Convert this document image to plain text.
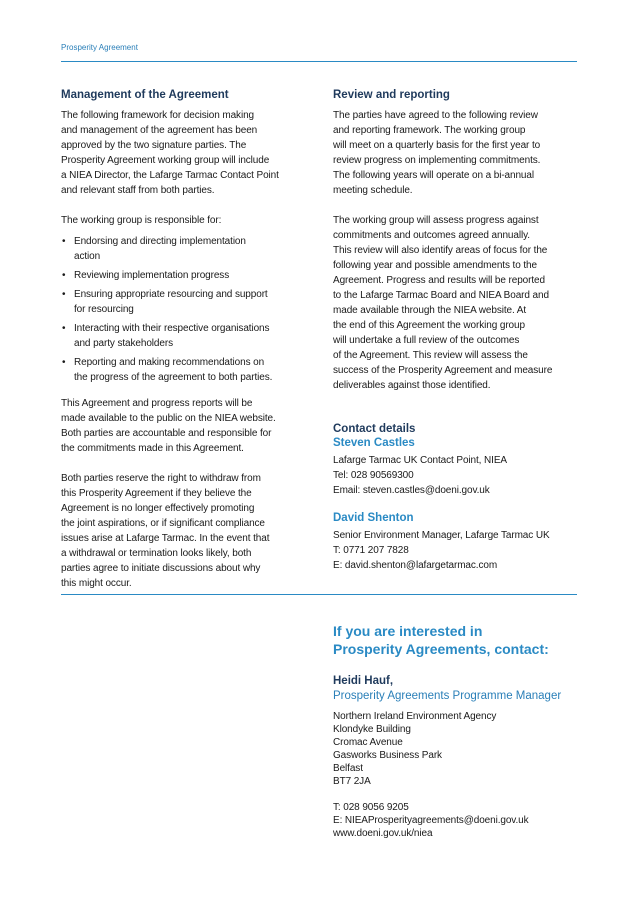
Prosperity Agreement
Management of the Agreement

The following framework for decision making

and management of the agreement has been

approved by the two signature parties. The

Prosperity Agreement working group will include

a NIEA Director, the Lafarge Tarmac Contact Point

and relevant staff from both parties.

The working group is responsible for:

• Endorsing and directing implementation
action
• Reviewing implementation progress
• Ensuring appropriate resourcing and support
for resourcing
• Interacting with their respective organisations
and party stakeholders
• Reporting and making recommendations on
the progress of the agreement to both parties.

This Agreement and progress reports will be

made available to the public on the NIEA website.

Both parties are accountable and responsible for

the commitments made in this Agreement.

Both parties reserve the right to withdraw from

this Prosperity Agreement if they believe the

Agreement is no longer effectively promoting

the joint aspirations, or if significant compliance

issues arise at Lafarge Tarmac. In the event that

a withdrawal or termination looks likely, both

parties agree to initiate discussions about why

this might occur.

Review and reporting

The parties have agreed to the following review

and reporting framework. The working group

will meet on a quarterly basis for the first year to

review progress on implementing commitments.

The following years will operate on a bi-annual

meeting schedule.

The working group will assess progress against

commitments and outcomes agreed annually.

This review will also identify areas of focus for the

following year and possible amendments to the

Agreement. Progress and results will be reported

to the Lafarge Tarmac Board and NIEA Board and

made available through the NIEA website. At

the end of this Agreement the working group

will undertake a full review of the outcomes

of the Agreement. This review will assess the

success of the Prosperity Agreement and measure

deliverables against those identified.

Contact details
Steven Castles

Lafarge Tarmac UK Contact Point, NIEA

Tel: 028 90569300

Email: steven.castles@doeni.gov.uk

David Shenton

Senior Environment Manager, Lafarge Tarmac UK

T: 0771 207 7828

E: david.shenton@lafargetarmac.com

If you are interested in
Prosperity Agreements, contact:
Heidi Hauf,
Prosperity Agreements Programme Manager

Northern Ireland Environment Agency

Klondyke Building

Cromac Avenue

Gasworks Business Park

Belfast

BT7 2JA

T: 028 9056 9205

E: NIEAProsperityagreements@doeni.gov.uk

www.doeni.gov.uk/niea
